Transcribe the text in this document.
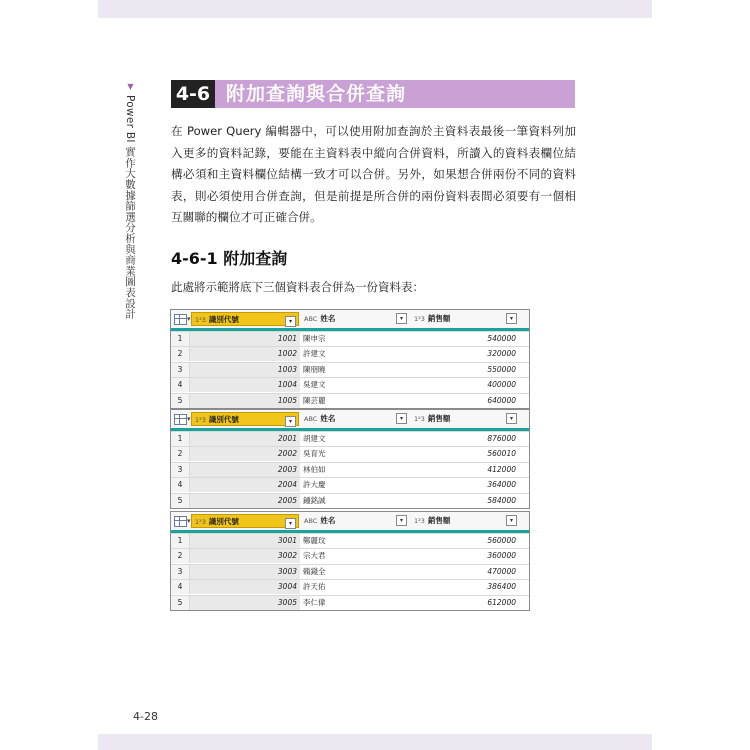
▼ Power BI 實作大數據篩選分析與商業圖表設計
4-6 附加查詢與合併查詢
在 Power Query 編輯器中，可以使用附加查詢於主資料表最後一筆資料列加入更多的資料記錄，要能在主資料表中縱向合併資料，所讀入的資料表欄位結構必須和主資料欄位結構一致才可以合併。另外，如果想合併兩份不同的資料表，則必須使用合併查詢，但是前提是所合併的兩份資料表間必須要有一個相互關聯的欄位才可正確合併。
4-6-1 附加查詢
此處將示範將底下三個資料表合併為一份資料表：
▾ 1²3 識別代號	▾	ABC 姓名	▾	1²3 銷售額	▾
1	1001 陳申宗	540000
2	1002 許建文	320000
3	1003 陳朋曉	550000
4	1004 吳建文	400000
5	1005 陳芸麗	640000
▾ 1²3 識別代號	▾	ABC 姓名	▾	1²3 銷售額	▾
1	2001 胡建文	876000
2	2002 吳育光	560010
3	2003 林伯如	412000
4	2004 許大慶	364000
5	2005 鍾銘誠	584000
▾ 1²3 識別代號	▾	ABC 姓名	▾	1²3 銷售額	▾
1	3001 鄭麗玟	560000
2	3002 宗大君	360000
3	3003 賴錢全	470000
4	3004 許天佑	386400
5	3005 李仁偉	612000
4-28
